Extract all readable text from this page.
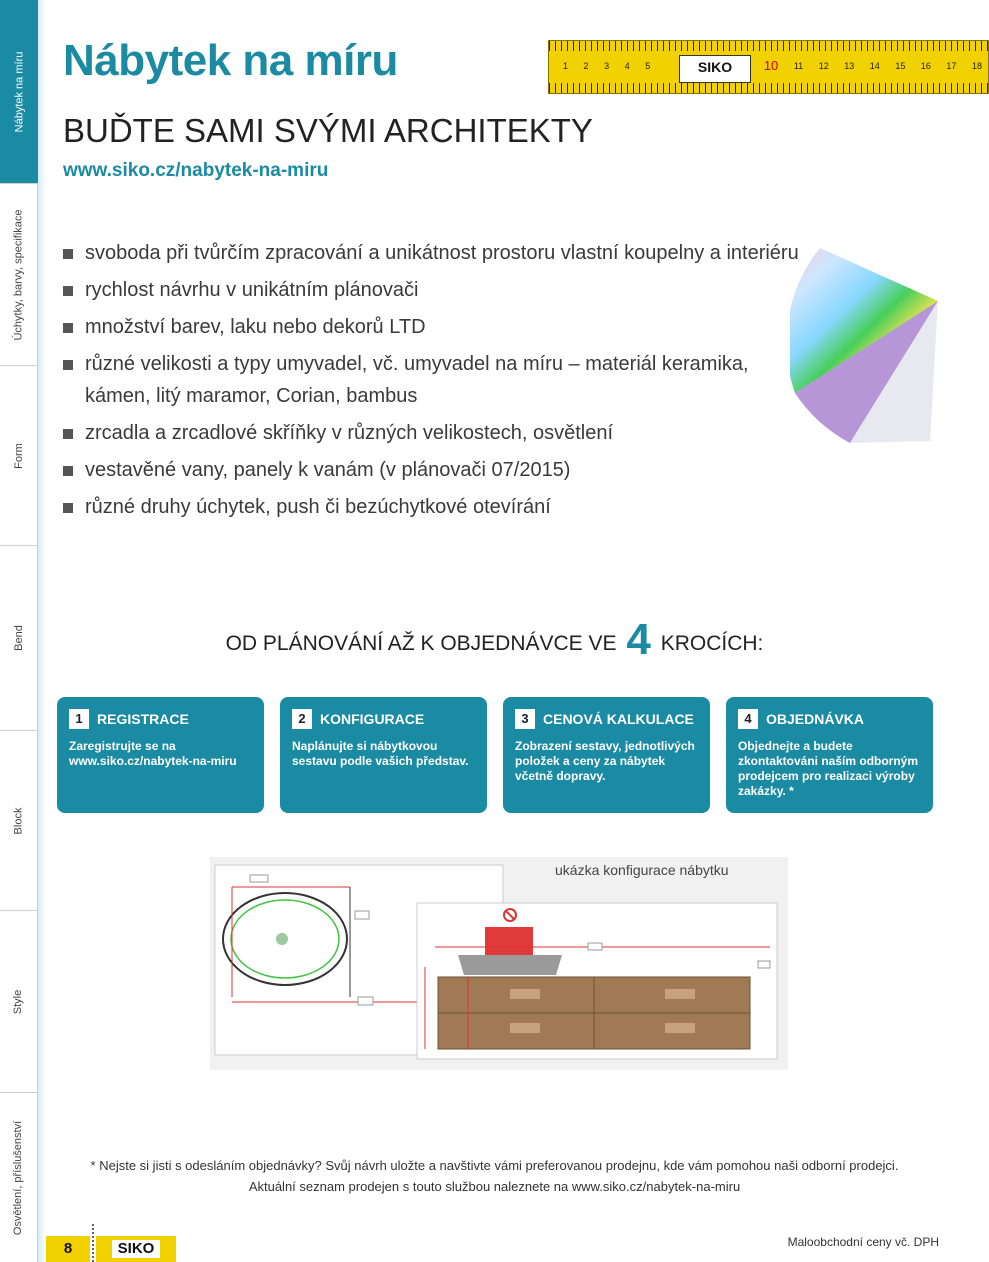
Nábytek na míru
Úchytky, barvy, specifikace
Form
Bend
Block
Style
Osvětlení, příslušenství
Nábytek na míru
BUĎTE SAMI SVÝMI ARCHITEKTY
www.siko.cz/nabytek-na-miru
1 2 3 4 5	10 11 12 13 14 15 16 17 18
SIKO
svoboda při tvůrčím zpracování a unikátnost prostoru vlastní koupelny a interiéru
rychlost návrhu v unikátním plánovači
množství barev, laku nebo dekorů LTD
různé velikosti a typy umyvadel, vč. umyvadel na míru – materiál keramika, kámen, litý maramor, Corian, bambus
zrcadla a zrcadlové skříňky v různých velikostech, osvětlení
vestavěné vany, panely k vanám (v plánovači 07/2015)
různé druhy úchytek, push či bezúchytkové otevírání
OD PLÁNOVÁNÍ AŽ K OBJEDNÁVCE VE 4 KROCÍCH:
1	REGISTRACE
Zaregistrujte se na www.siko.cz/nabytek-na-miru
2	KONFIGURACE
Naplánujte si nábytkovou sestavu podle vašich představ.
3	CENOVÁ KALKULACE
Zobrazení sestavy, jednotlivých položek a ceny za nábytek včetně dopravy.
4	OBJEDNÁVKA
Objednejte a budete zkontaktováni naším odborným prodejcem pro realizaci výroby zakázky. *
ukázka konfigurace nábytku
* Nejste si jisti s odesláním objednávky? Svůj návrh uložte a navštivte vámi preferovanou prodejnu, kde vám pomohou naši odborní prodejci.
Aktuální seznam prodejen s touto službou naleznete na www.siko.cz/nabytek-na-miru
8	SIKO	Maloobchodní ceny vč. DPH
